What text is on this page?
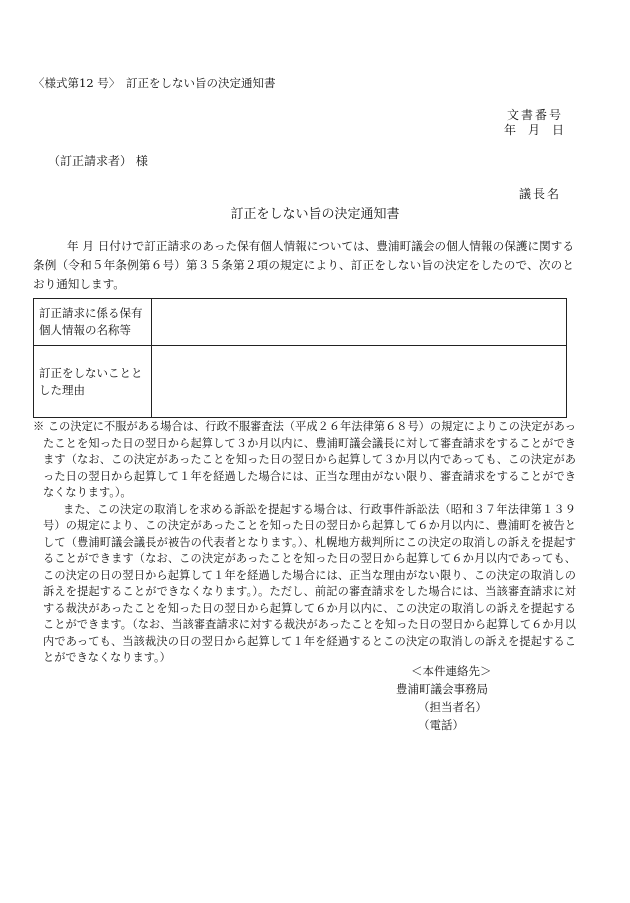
〈様式第12 号〉　訂正をしない旨の決定通知書
文書番号
年　月　日
（訂正請求者） 様
議長名
訂正をしない旨の決定通知書
年 月 日付けで訂正請求のあった保有個人情報については、豊浦町議会の個人情報の保護に関する条例（令和５年条例第６号）第３５条第２項の規定により、訂正をしない旨の決定をしたので、次のとおり通知します。
訂正請求に係る保有個人情報の名称等	
訂正をしないことと
した理由	
※ この決定に不服がある場合は、行政不服審査法（平成２６年法律第６８号）の規定によりこの決定があったことを知った日の翌日から起算して３か月以内に、豊浦町議会議長に対して審査請求をすることができます（なお、この決定があったことを知った日の翌日から起算して３か月以内であっても、この決定があった日の翌日から起算して１年を経過した場合には、正当な理由がない限り、審査請求をすることができなくなります。）。
また、この決定の取消しを求める訴訟を提起する場合は、行政事件訴訟法（昭和３７年法律第１３９号）の規定により、この決定があったことを知った日の翌日から起算して６か月以内に、豊浦町を被告として（豊浦町議会議長が被告の代表者となります。）、札幌地方裁判所にこの決定の取消しの訴えを提起することができます（なお、この決定があったことを知った日の翌日から起算して６か月以内であっても、この決定の日の翌日から起算して１年を経過した場合には、正当な理由がない限り、この決定の取消しの訴えを提起することができなくなります。）。ただし、前記の審査請求をした場合には、当該審査請求に対する裁決があったことを知った日の翌日から起算して６か月以内に、この決定の取消しの訴えを提起することができます。（なお、当該審査請求に対する裁決があったことを知った日の翌日から起算して６か月以内であっても、当該裁決の日の翌日から起算して１年を経過するとこの決定の取消しの訴えを提起することができなくなります。）
＜本件連絡先＞
豊浦町議会事務局
（担当者名）
（電話）
